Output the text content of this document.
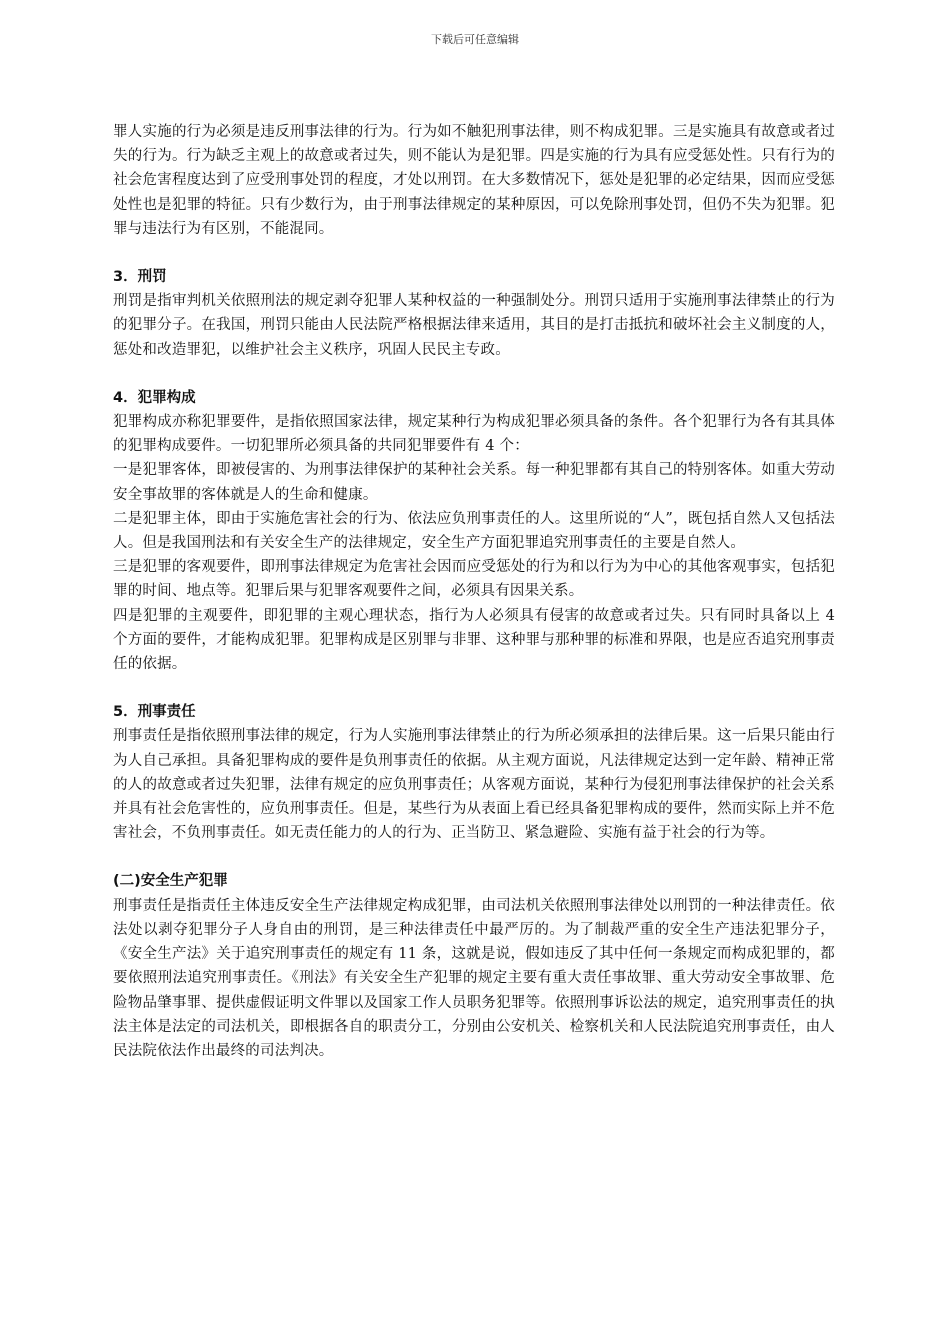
下载后可任意编辑

罪人实施的行为必须是违反刑事法律的行为。行为如不触犯刑事法律，则不构成犯罪。三是实施具有故意或者过失的行为。行为缺乏主观上的故意或者过失，则不能认为是犯罪。四是实施的行为具有应受惩处性。只有行为的社会危害程度达到了应受刑事处罚的程度，才处以刑罚。在大多数情况下，惩处是犯罪的必定结果，因而应受惩处性也是犯罪的特征。只有少数行为，由于刑事法律规定的某种原因，可以免除刑事处罚，但仍不失为犯罪。犯罪与违法行为有区别，不能混同。

3．刑罚

刑罚是指审判机关依照刑法的规定剥夺犯罪人某种权益的一种强制处分。刑罚只适用于实施刑事法律禁止的行为的犯罪分子。在我国，刑罚只能由人民法院严格根据法律来适用，其目的是打击抵抗和破坏社会主义制度的人，惩处和改造罪犯，以维护社会主义秩序，巩固人民民主专政。

4．犯罪构成

犯罪构成亦称犯罪要件，是指依照国家法律，规定某种行为构成犯罪必须具备的条件。各个犯罪行为各有其具体的犯罪构成要件。一切犯罪所必须具备的共同犯罪要件有 4 个：

一是犯罪客体，即被侵害的、为刑事法律保护的某种社会关系。每一种犯罪都有其自己的特别客体。如重大劳动安全事故罪的客体就是人的生命和健康。

二是犯罪主体，即由于实施危害社会的行为、依法应负刑事责任的人。这里所说的“人”，既包括自然人又包括法人。但是我国刑法和有关安全生产的法律规定，安全生产方面犯罪追究刑事责任的主要是自然人。

三是犯罪的客观要件，即刑事法律规定为危害社会因而应受惩处的行为和以行为为中心的其他客观事实，包括犯罪的时间、地点等。犯罪后果与犯罪客观要件之间，必须具有因果关系。

四是犯罪的主观要件，即犯罪的主观心理状态，指行为人必须具有侵害的故意或者过失。只有同时具备以上 4 个方面的要件，才能构成犯罪。犯罪构成是区别罪与非罪、这种罪与那种罪的标准和界限，也是应否追究刑事责任的依据。

5．刑事责任

刑事责任是指依照刑事法律的规定，行为人实施刑事法律禁止的行为所必须承担的法律后果。这一后果只能由行为人自己承担。具备犯罪构成的要件是负刑事责任的依据。从主观方面说，凡法律规定达到一定年龄、精神正常的人的故意或者过失犯罪，法律有规定的应负刑事责任；从客观方面说，某种行为侵犯刑事法律保护的社会关系并具有社会危害性的，应负刑事责任。但是，某些行为从表面上看已经具备犯罪构成的要件，然而实际上并不危害社会，不负刑事责任。如无责任能力的人的行为、正当防卫、紧急避险、实施有益于社会的行为等。

(二)安全生产犯罪

刑事责任是指责任主体违反安全生产法律规定构成犯罪，由司法机关依照刑事法律处以刑罚的一种法律责任。依法处以剥夺犯罪分子人身自由的刑罚，是三种法律责任中最严厉的。为了制裁严重的安全生产违法犯罪分子，《安全生产法》关于追究刑事责任的规定有 11 条，这就是说，假如违反了其中任何一条规定而构成犯罪的，都要依照刑法追究刑事责任。《刑法》有关安全生产犯罪的规定主要有重大责任事故罪、重大劳动安全事故罪、危险物品肇事罪、提供虚假证明文件罪以及国家工作人员职务犯罪等。依照刑事诉讼法的规定，追究刑事责任的执法主体是法定的司法机关，即根据各自的职责分工，分别由公安机关、检察机关和人民法院追究刑事责任，由人民法院依法作出最终的司法判决。
